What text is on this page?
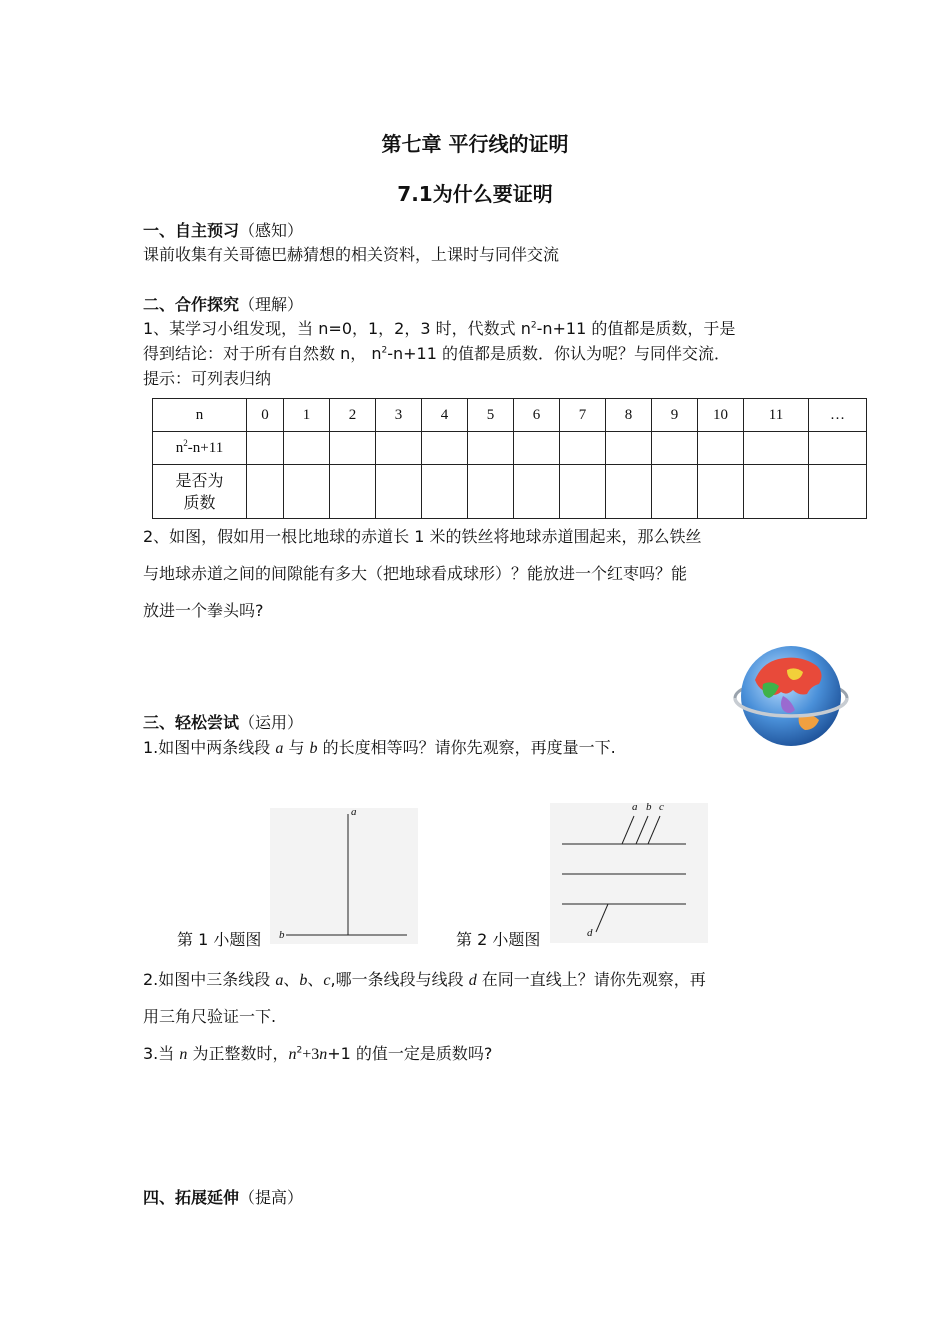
第七章 平行线的证明
7.1为什么要证明
一、自主预习（感知）
课前收集有关哥德巴赫猜想的相关资料，上课时与同伴交流
二、合作探究（理解）
1、某学习小组发现，当 n=0，1，2，3 时，代数式 $n^2-n+11$ 的值都是质数，于是
得到结论：对于所有自然数 n， $n^2-n+11$ 的值都是质数．你认为呢？与同伴交流．
提示：可列表归纳
n	0	1	2	3	4	5	6	7	8	9	10	11	…
$n^2-n+11$													
是否为
质数													
2、如图，假如用一根比地球的赤道长 1 米的铁丝将地球赤道围起来，那么铁丝
与地球赤道之间的间隙能有多大（把地球看成球形）？能放进一个红枣吗？能
放进一个拳头吗?
三、轻松尝试（运用）
1.如图中两条线段 a 与 b 的长度相等吗？请你先观察，再度量一下.
a
b
第 1 小题图
a b c
d
第 2 小题图
2.如图中三条线段 a、b、c,哪一条线段与线段 d 在同一直线上？请你先观察，再
用三角尺验证一下.
3.当 n 为正整数时，$n^2+3n+1$ 的值一定是质数吗?
四、拓展延伸（提高）
